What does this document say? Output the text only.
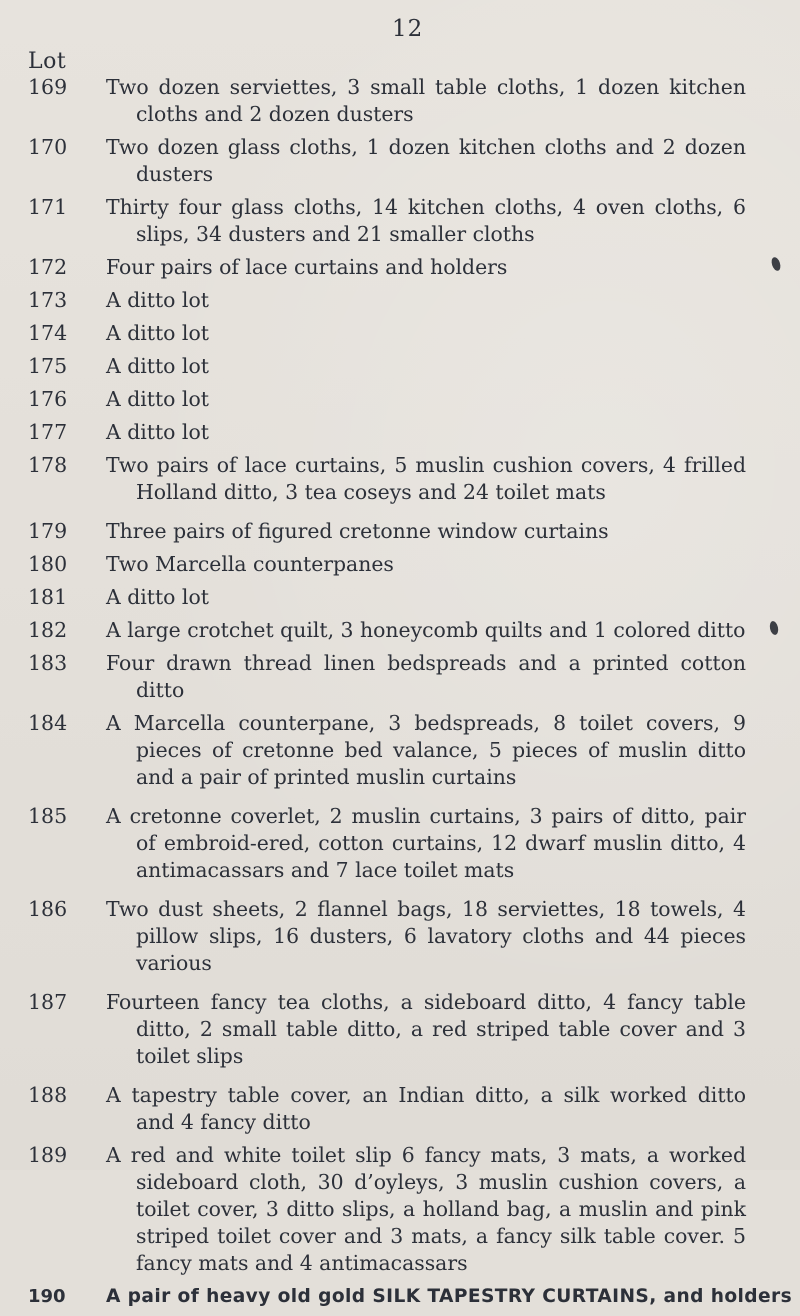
12
Lot
169	Two dozen serviettes, 3 small table cloths, 1 dozen kitchen cloths and 2 dozen dusters
170	Two dozen glass cloths, 1 dozen kitchen cloths and 2 dozen dusters
171	Thirty four glass cloths, 14 kitchen cloths, 4 oven cloths, 6 slips, 34 dusters and 21 smaller cloths
172	Four pairs of lace curtains and holders
173	A ditto lot
174	A ditto lot
175	A ditto lot
176	A ditto lot
177	A ditto lot
178	Two pairs of lace curtains, 5 muslin cushion covers, 4 frilled Holland ditto, 3 tea coseys and 24 toilet mats
179	Three pairs of figured cretonne window curtains
180	Two Marcella counterpanes
181	A ditto lot
182	A large crotchet quilt, 3 honeycomb quilts and 1 colored ditto
183	Four drawn thread linen bedspreads and a printed cotton ditto
184	A Marcella counterpane, 3 bedspreads, 8 toilet covers, 9 pieces of cretonne bed valance, 5 pieces of muslin ditto and a pair of printed muslin curtains
185	A cretonne coverlet, 2 muslin curtains, 3 pairs of ditto, pair of embroid-ered, cotton curtains, 12 dwarf muslin ditto, 4 antimacassars and 7 lace toilet mats
186	Two dust sheets, 2 flannel bags, 18 serviettes, 18 towels, 4 pillow slips, 16 dusters, 6 lavatory cloths and 44 pieces various
187	Fourteen fancy tea cloths, a sideboard ditto, 4 fancy table ditto, 2 small table ditto, a red striped table cover and 3 toilet slips
188	A tapestry table cover, an Indian ditto, a silk worked ditto and 4 fancy ditto
189	A red and white toilet slip 6 fancy mats, 3 mats, a worked sideboard cloth, 30 d’oyleys, 3 muslin cushion covers, a toilet cover, 3 ditto slips, a holland bag, a muslin and pink striped toilet cover and 3 mats, a fancy silk table cover. 5 fancy mats and 4 antimacassars
190	A pair of heavy old gold SILK TAPESTRY CURTAINS, and holders
